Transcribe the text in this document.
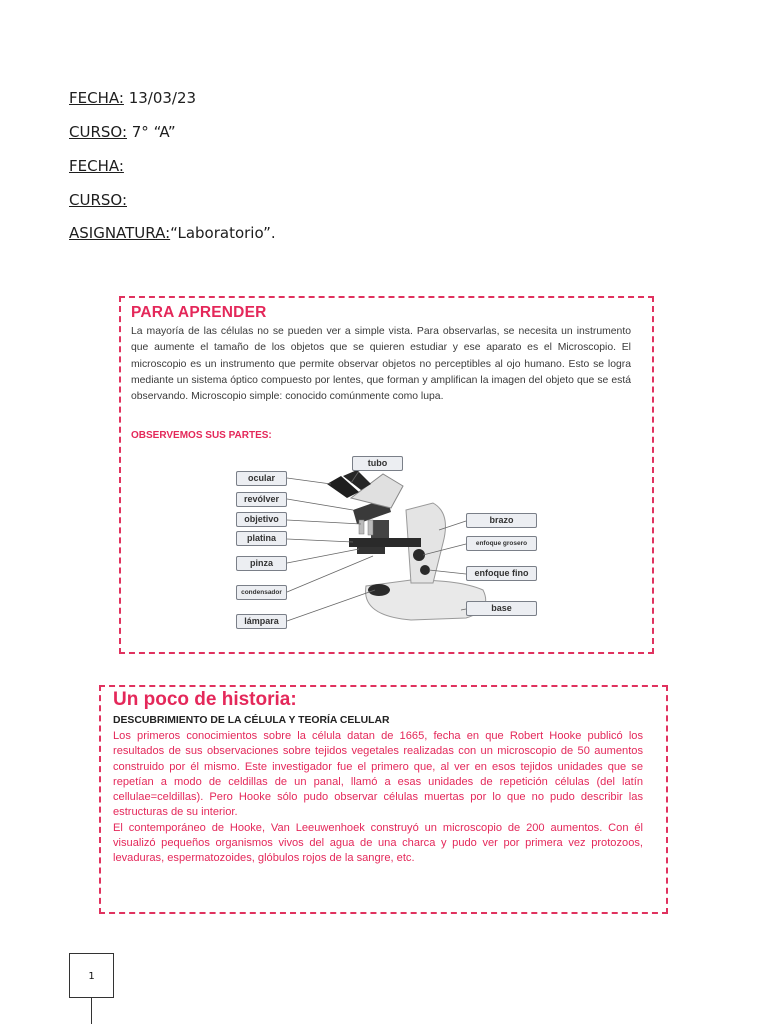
FECHA: 13/03/23
CURSO: 7° “A”
FECHA:
CURSO:
ASIGNATURA:“Laboratorio”.
PARA APRENDER
La mayoría de las células no se pueden ver a simple vista. Para observarlas, se necesita un instrumento que aumente el tamaño de los objetos que se quieren estudiar y ese aparato es el Microscopio. El microscopio es un instrumento que permite observar objetos no perceptibles al ojo humano. Esto se logra mediante un sistema óptico compuesto por lentes, que forman y amplifican la imagen del objeto que se está observando. Microscopio simple: conocido comúnmente como lupa.
OBSERVEMOS SUS PARTES:
tubo
ocular
revólver
objetivo
platina
pinza
condensador
lámpara
brazo
enfoque grosero
enfoque fino
base
Un poco de historia:
DESCUBRIMIENTO DE LA CÉLULA Y TEORÍA CELULAR

Los primeros conocimientos sobre la célula datan de 1665, fecha en que Robert Hooke publicó los resultados de sus observaciones sobre tejidos vegetales realizadas con un microscopio de 50 aumentos construido por él mismo. Este investigador fue el primero que, al ver en esos tejidos unidades que se repetían a modo de celdillas de un panal, llamó a esas unidades de repetición células (del latín cellulae=celdillas). Pero Hooke sólo pudo observar células muertas por lo que no pudo describir las estructuras de su interior.

El contemporáneo de Hooke, Van Leeuwenhoek construyó un microscopio de 200 aumentos. Con él visualizó pequeños organismos vivos del agua de una charca y pudo ver por primera vez protozoos, levaduras, espermatozoides, glóbulos rojos de la sangre, etc.

1
